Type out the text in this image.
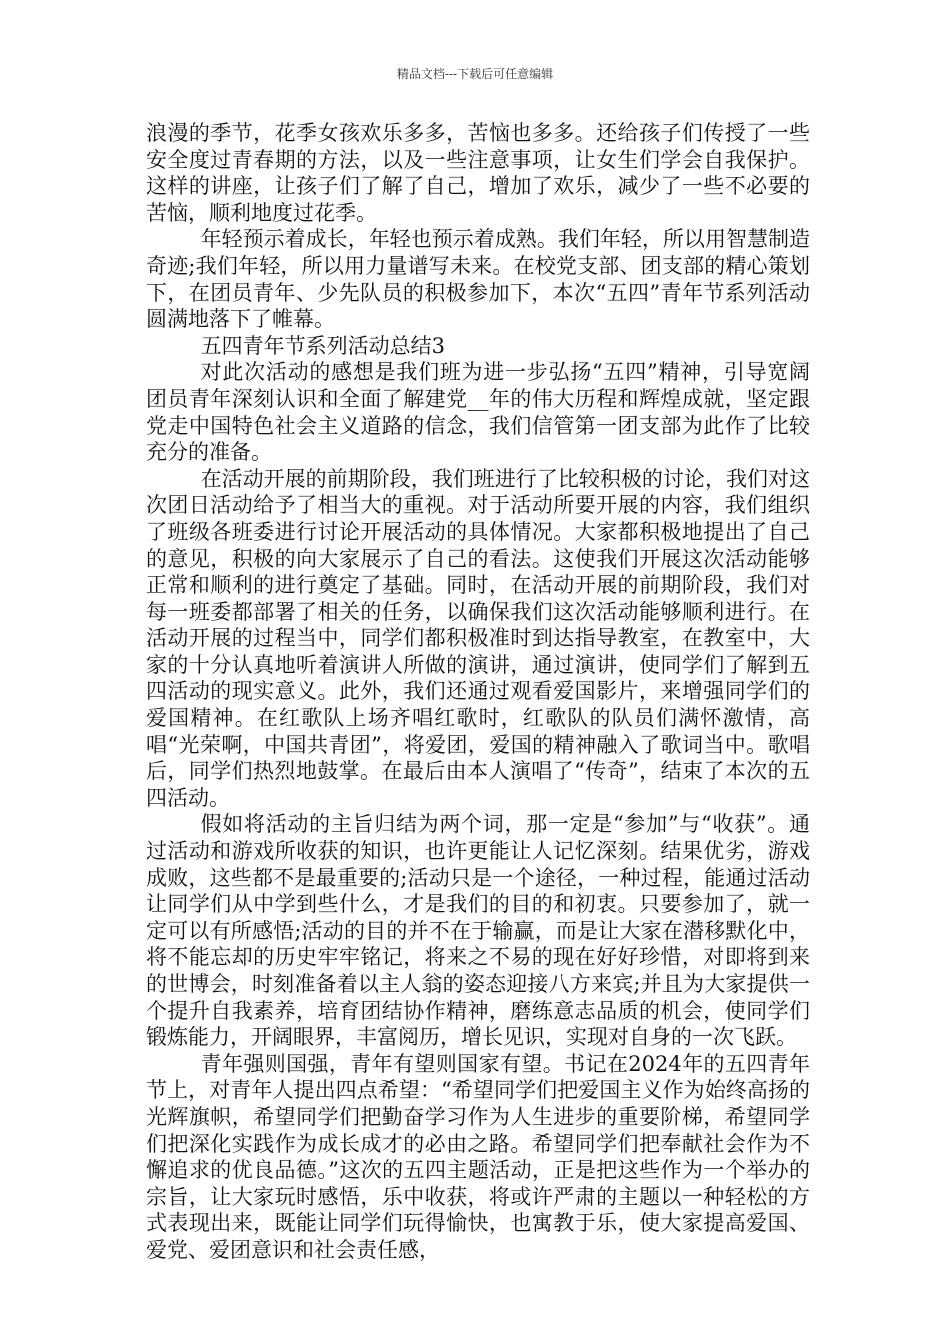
精品文档---下载后可任意编辑

浪漫的季节，花季女孩欢乐多多，苦恼也多多。还给孩子们传授了一些安全度过青春期的方法，以及一些注意事项，让女生们学会自我保护。这样的讲座，让孩子们了解了自己，增加了欢乐，减少了一些不必要的苦恼，顺利地度过花季。

年轻预示着成长，年轻也预示着成熟。我们年轻，所以用智慧制造奇迹;我们年轻，所以用力量谱写未来。在校党支部、团支部的精心策划下，在团员青年、少先队员的积极参加下，本次“五四”青年节系列活动圆满地落下了帷幕。

五四青年节系列活动总结3

对此次活动的感想是我们班为进一步弘扬“五四”精神，引导宽阔团员青年深刻认识和全面了解建党__年的伟大历程和辉煌成就，坚定跟党走中国特色社会主义道路的信念，我们信管第一团支部为此作了比较充分的准备。

在活动开展的前期阶段，我们班进行了比较积极的讨论，我们对这次团日活动给予了相当大的重视。对于活动所要开展的内容，我们组织了班级各班委进行讨论开展活动的具体情况。大家都积极地提出了自己的意见，积极的向大家展示了自己的看法。这使我们开展这次活动能够正常和顺利的进行奠定了基础。同时，在活动开展的前期阶段，我们对每一班委都部署了相关的任务，以确保我们这次活动能够顺利进行。在活动开展的过程当中，同学们都积极准时到达指导教室，在教室中，大家的十分认真地听着演讲人所做的演讲，通过演讲，使同学们了解到五四活动的现实意义。此外，我们还通过观看爱国影片，来增强同学们的爱国精神。在红歌队上场齐唱红歌时，红歌队的队员们满怀激情，高唱“光荣啊，中国共青团”，将爱团，爱国的精神融入了歌词当中。歌唱后，同学们热烈地鼓掌。在最后由本人演唱了“传奇”，结束了本次的五四活动。

假如将活动的主旨归结为两个词，那一定是“参加”与“收获”。通过活动和游戏所收获的知识，也许更能让人记忆深刻。结果优劣，游戏成败，这些都不是最重要的;活动只是一个途径，一种过程，能通过活动让同学们从中学到些什么，才是我们的目的和初衷。只要参加了，就一定可以有所感悟;活动的目的并不在于输赢，而是让大家在潜移默化中，将不能忘却的历史牢牢铭记，将来之不易的现在好好珍惜，对即将到来的世博会，时刻准备着以主人翁的姿态迎接八方来宾;并且为大家提供一个提升自我素养，培育团结协作精神，磨练意志品质的机会，使同学们锻炼能力，开阔眼界，丰富阅历，增长见识，实现对自身的一次飞跃。

青年强则国强，青年有望则国家有望。书记在2024年的五四青年节上，对青年人提出四点希望：“希望同学们把爱国主义作为始终高扬的光辉旗帜，希望同学们把勤奋学习作为人生进步的重要阶梯，希望同学们把深化实践作为成长成才的必由之路。希望同学们把奉献社会作为不懈追求的优良品德。”这次的五四主题活动，正是把这些作为一个举办的宗旨，让大家玩时感悟，乐中收获，将或许严肃的主题以一种轻松的方式表现出来，既能让同学们玩得愉快，也寓教于乐，使大家提高爱国、爱党、爱团意识和社会责任感，
